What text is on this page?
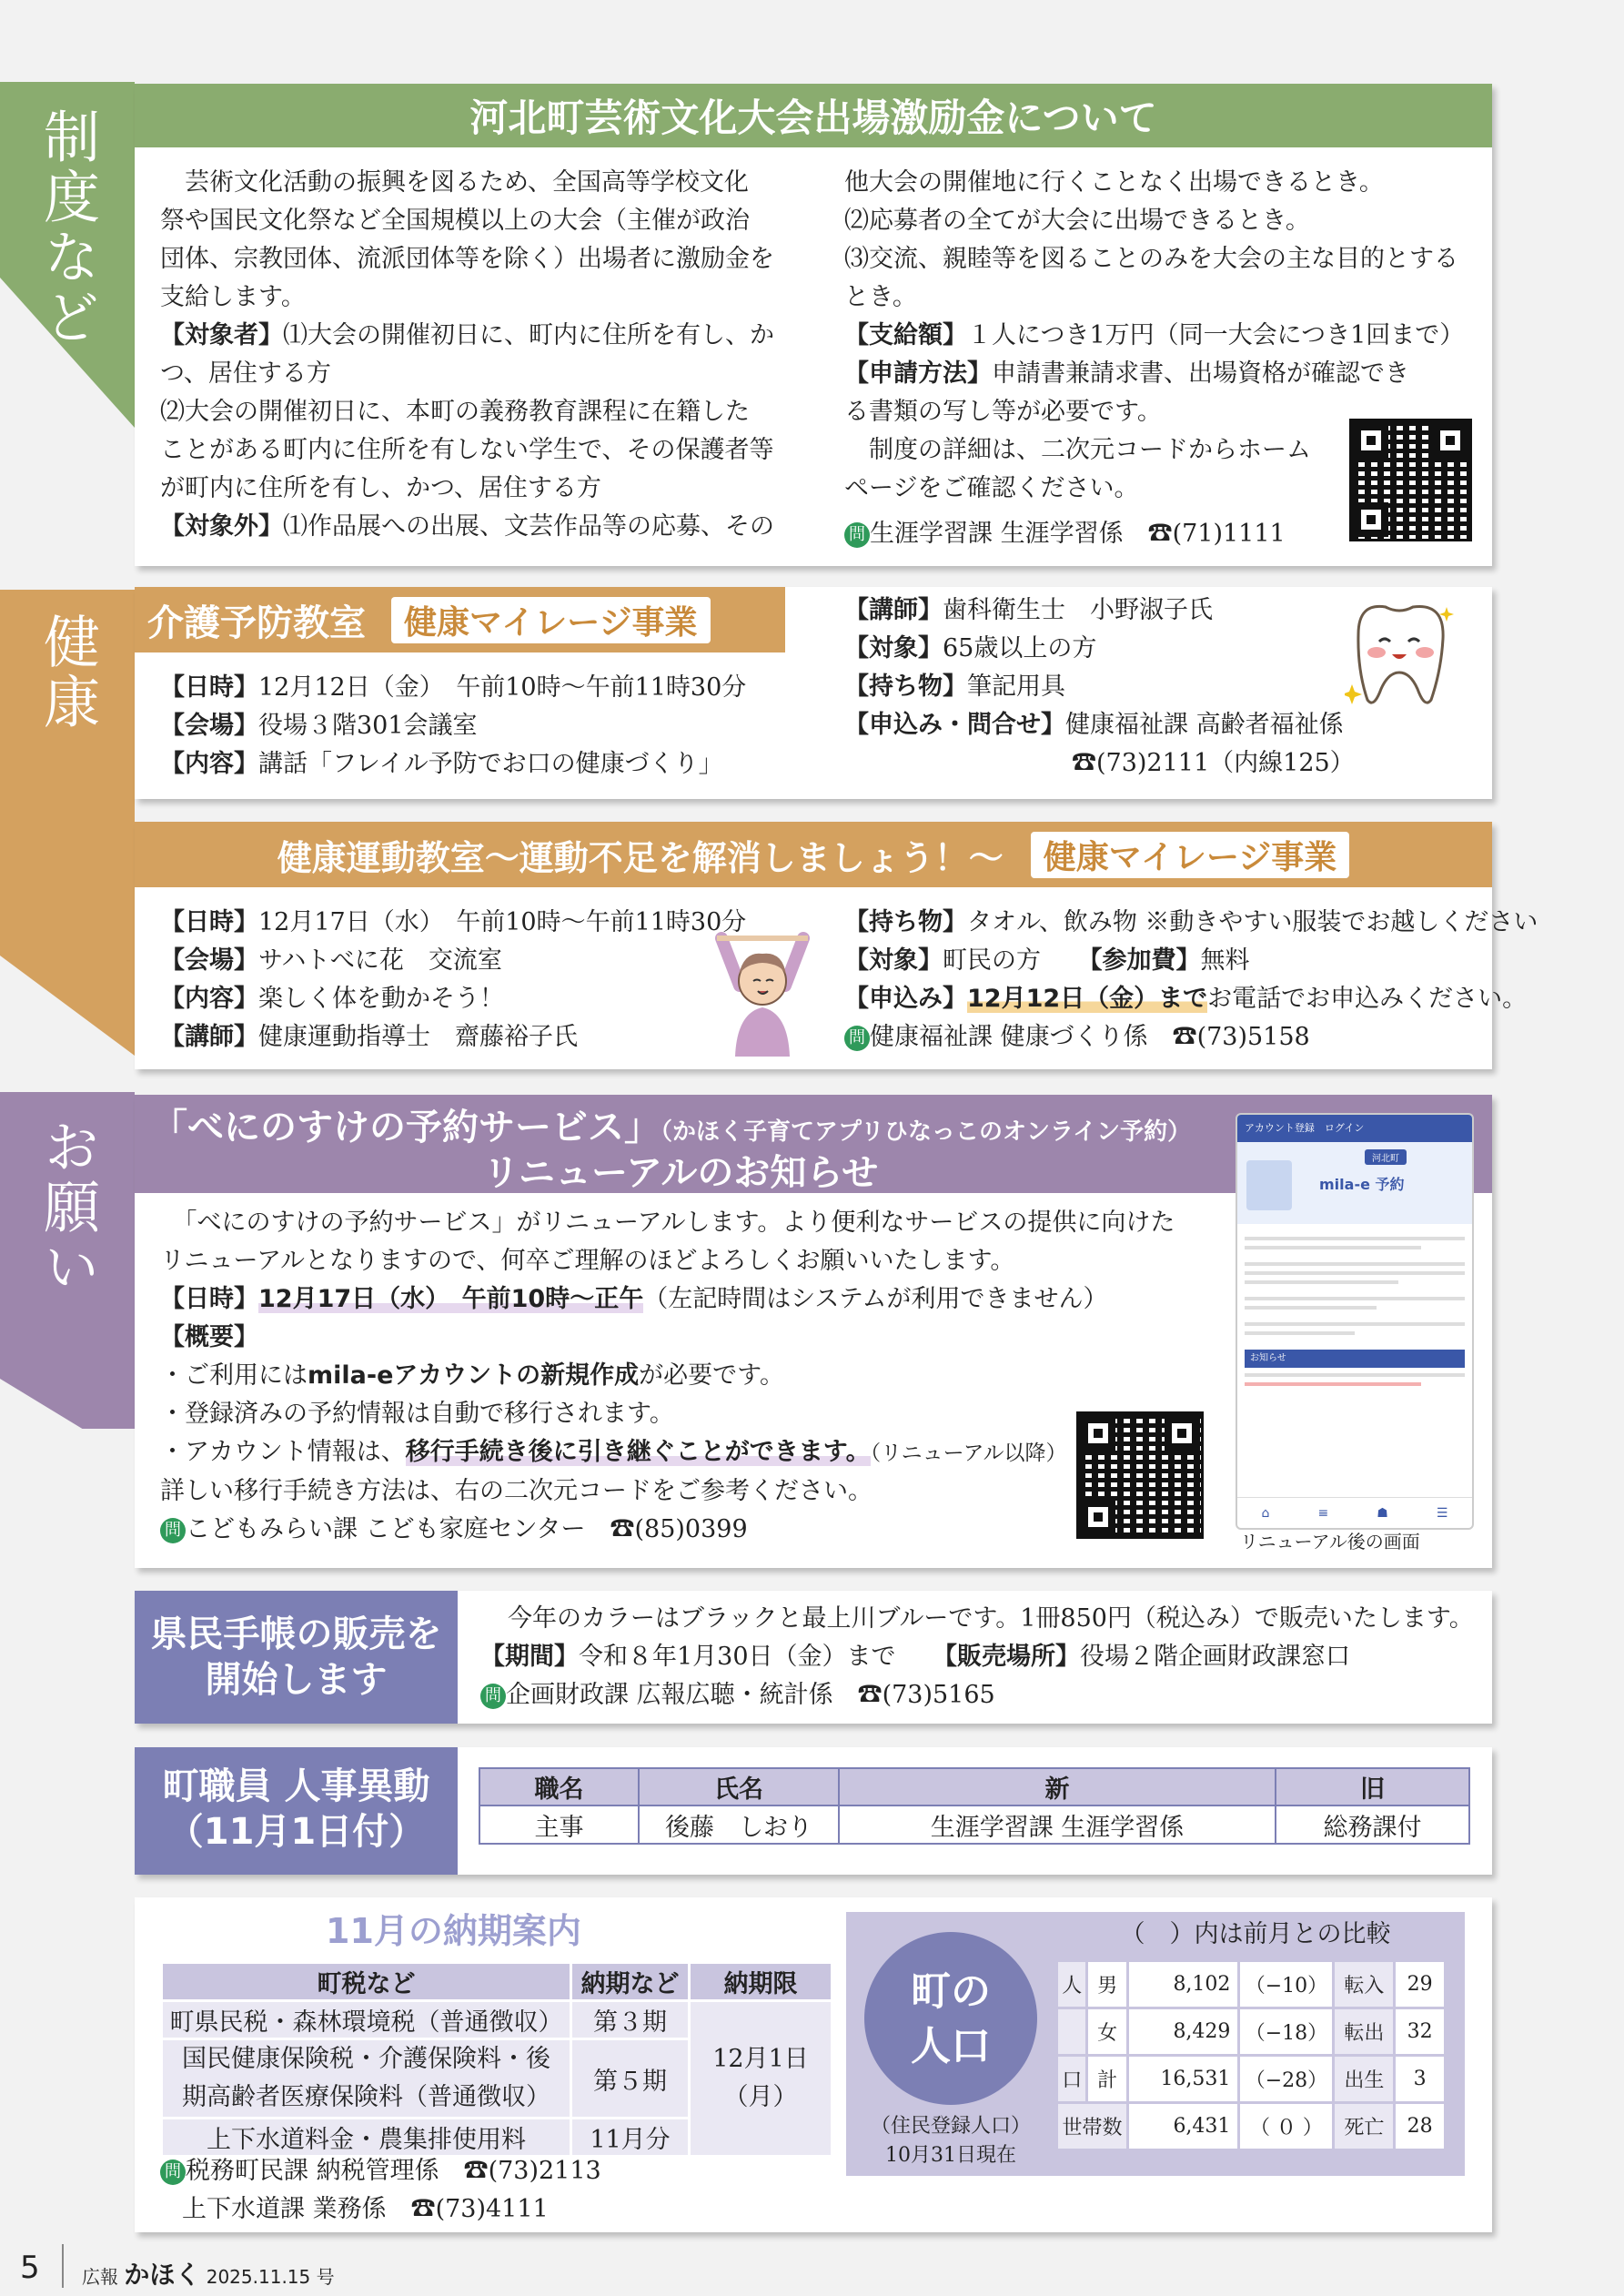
制度など
健康
お願い
河北町芸術文化大会出場激励金について
　芸術文化活動の振興を図るため、全国高等学校文化
祭や国民文化祭など全国規模以上の大会（主催が政治
団体、宗教団体、流派団体等を除く）出場者に激励金を
支給します。
【対象者】⑴大会の開催初日に、町内に住所を有し、か
つ、居住する方
⑵大会の開催初日に、本町の義務教育課程に在籍した
ことがある町内に住所を有しない学生で、その保護者等
が町内に住所を有し、かつ、居住する方
【対象外】⑴作品展への出展、文芸作品等の応募、その
他大会の開催地に行くことなく出場できるとき。
⑵応募者の全てが大会に出場できるとき。
⑶交流、親睦等を図ることのみを大会の主な目的とする
とき。
【支給額】１人につき1万円（同一大会につき1回まで）
【申請方法】申請書兼請求書、出場資格が確認でき
る書類の写し等が必要です。
　制度の詳細は、二次元コードからホーム
ページをご確認ください。
問 生涯学習課 生涯学習係　☎(71)1111
介護予防教室	健康マイレージ事業
【日時】12月12日（金）　午前10時～午前11時30分
【会場】役場３階301会議室
【内容】講話「フレイル予防でお口の健康づくり」
【講師】歯科衛生士　小野淑子氏
【対象】65歳以上の方
【持ち物】筆記用具
【申込み・問合せ】健康福祉課 高齢者福祉係
☎(73)2111（内線125）
健康運動教室～運動不足を解消しましょう！～	健康マイレージ事業
【日時】12月17日（水）　午前10時～午前11時30分
【会場】サハトべに花　交流室
【内容】楽しく体を動かそう！
【講師】健康運動指導士　齋藤裕子氏
【持ち物】タオル、飲み物 ※動きやすい服装でお越しください
【対象】町民の方　　【参加費】無料
【申込み】12月12日（金）までお電話でお申込みください。
問 健康福祉課 健康づくり係　☎(73)5158
「べにのすけの予約サービス」（かほく子育てアプリひなっこのオンライン予約）
リニューアルのお知らせ
　「べにのすけの予約サービス」がリニューアルします。より便利なサービスの提供に向けた
リニューアルとなりますので、何卒ご理解のほどよろしくお願いいたします。
【日時】12月17日（水）　午前10時～正午（左記時間はシステムが利用できません）
【概要】
・ご利用にはmila-eアカウントの新規作成が必要です。
・登録済みの予約情報は自動で移行されます。
・アカウント情報は、移行手続き後に引き継ぐことができます。（リニューアル以降）
詳しい移行手続き方法は、右の二次元コードをご参考ください。
問 こどもみらい課 こども家庭センター　☎(85)0399
アカウント登録　 ログイン
河北町
mila-e 予約
お知らせ
⌂	≡	☗	☰
リニューアル後の画面
県民手帳の販売を開始します
今年のカラーはブラックと最上川ブルーです。1冊850円（税込み）で販売いたします。
【期間】令和８年1月30日（金）まで　　 【販売場所】役場２階企画財政課窓口
問 企画財政課 広報広聴・統計係　☎(73)5165
町職員 人事異動
（11月1日付）
職名	氏名	新	旧
主事	後藤　しおり	生涯学習課 生涯学習係	総務課付
11月の納期案内
町税など	納期など	納期限
町県民税・森林環境税（普通徴収）	第３期	12月1日（月）
国民健康保険税・介護保険料・後期高齢者医療保険料（普通徴収）	第５期	
上下水道料金・農集排使用料	11月分	
問 税務町民課 納税管理係　☎(73)2113
上下水道課 業務係　☎(73)4111
町の人口
（住民登録人口）
10月31日現在
（　）内は前月との比較
人	男	8,102	（−10）	転入	29
	女	8,429	（−18）	転出	32
口	計	16,531	（−28）	出生	3
世帯数		6,431	（ ０ ）	死亡	28
5 広報 かほく 2025.11.15 号
